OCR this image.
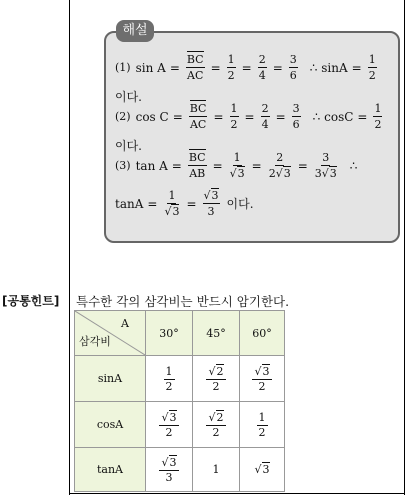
해설
(1) $\sin A = \frac{BC}{AC} = \frac{1}{2} = \frac{2}{4} = \frac{3}{6}$ ∴ $\sin A = \frac{1}{2}$
이다.
(2) $\cos C = \frac{BC}{AC} = \frac{1}{2} = \frac{2}{4} = \frac{3}{6}$ ∴ $\cos C = \frac{1}{2}$
이다.
(3) $\tan A = \frac{BC}{AB} = \frac{1}{√3} = \frac{2}{2√3} = \frac{3}{3√3}$ ∴
$\tan A = \frac{1}{√3} = \frac{√3}{3}$ 이다.
[공통힌트] 특수한 각의 삼각비는 반드시 암기한다.
A
삼각비	30°	45°	60°
sinA	$\frac{1}{2}$	$\frac{√2}{2}$	$\frac{√3}{2}$

cosA	$\frac{√3}{2}$	$\frac{√2}{2}$	$\frac{1}{2}$

tanA	$\frac{√3}{3}$	1	√3
